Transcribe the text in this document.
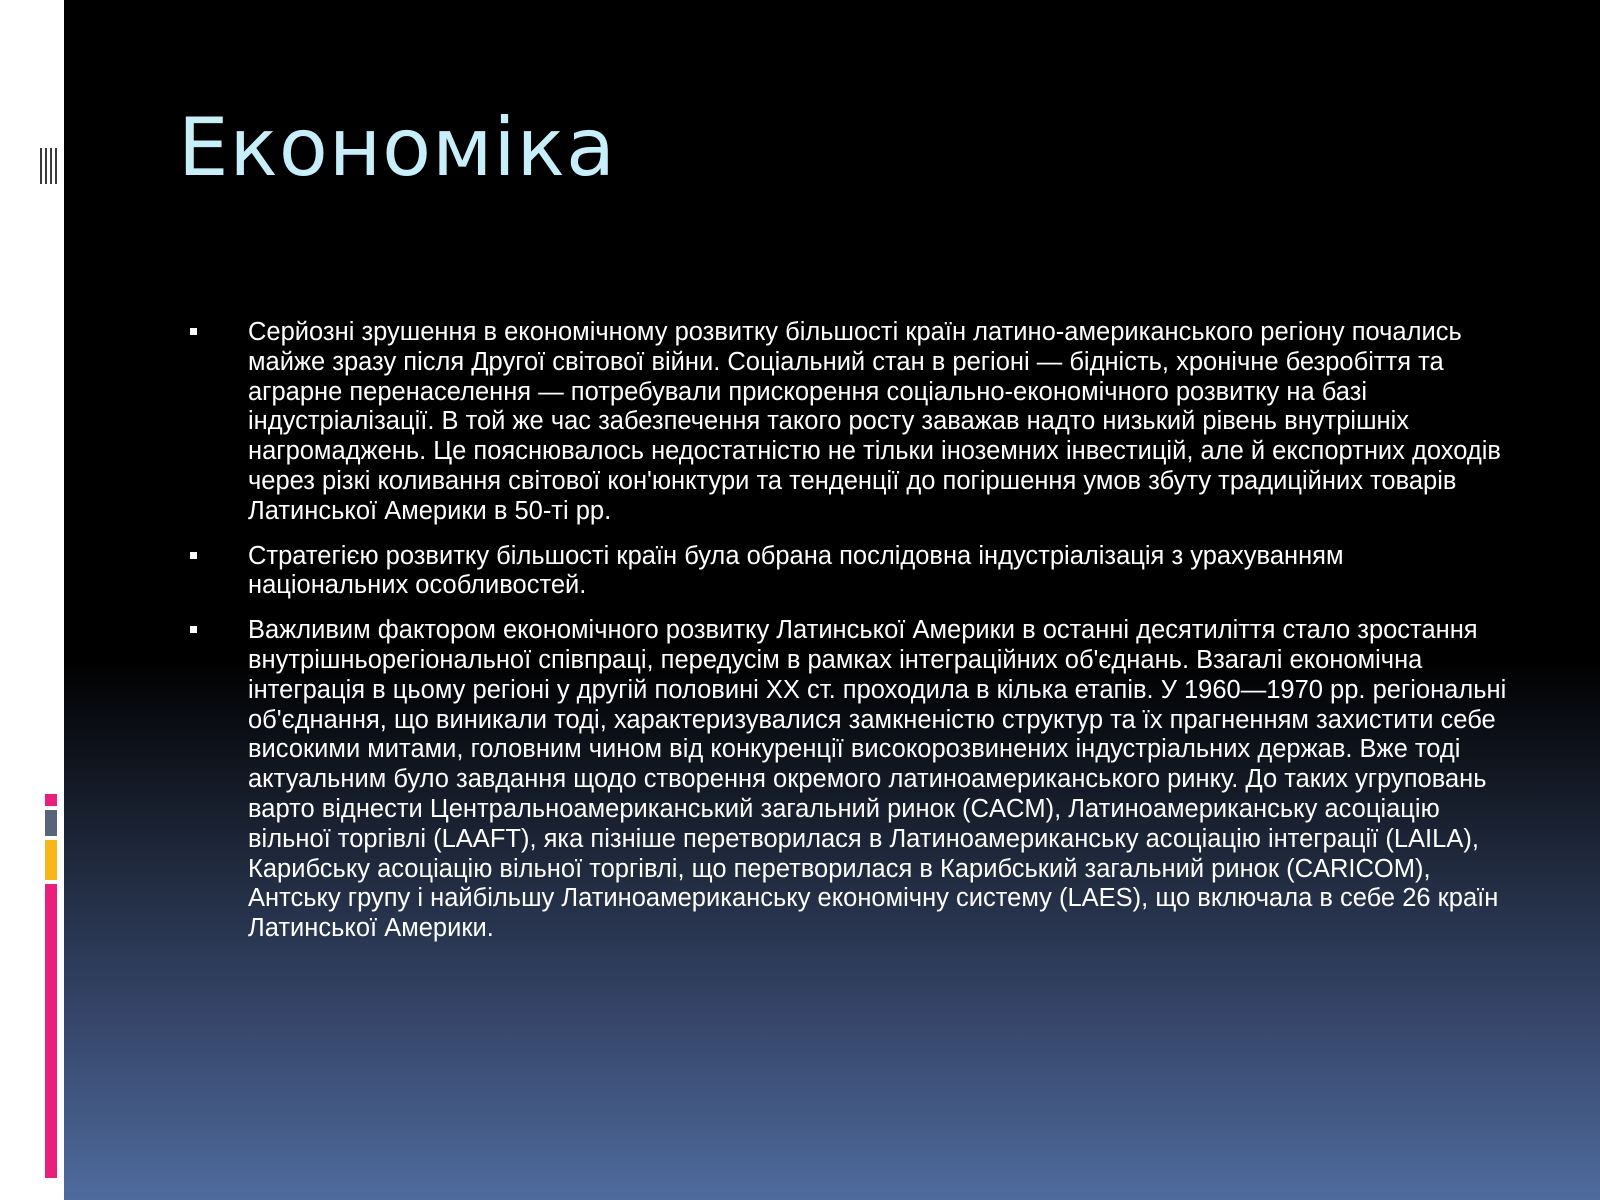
Економіка
Серйозні зрушення в економічному розвитку більшості країн латино-американського регіону почались майже зразу після Другої світової війни. Соціальний стан в регіоні — бідність, хронічне безробіття та аграрне перенаселення — потребували прискорення соціально-економічного розвитку на базі індустріалізації. В той же час забезпечення такого росту заважав надто низький рівень внутрішніх нагромаджень. Це пояснювалось недостатністю не тільки іноземних інвестицій, але й експортних доходів через різкі коливання світової кон'юнктури та тенденції до погіршення умов збуту традиційних товарів Латинської Америки в 50-ті рр.
Стратегією розвитку більшості країн була обрана послідовна індустріалізація з урахуванням національних особливостей.
Важливим фактором економічного розвитку Латинської Америки в останні десятиліття стало зростання внутрішньорегіональної співпраці, передусім в рамках інтеграційних об'єднань. Взагалі економічна інтеграція в цьому регіоні у другій половині XX ст. проходила в кілька етапів. У 1960—1970 рр. регіональні об'єднання, що виникали тоді, характеризувалися замкненістю структур та їх прагненням захистити себе високими митами, головним чином від конкуренції високорозвинених індустріальних держав. Вже тоді актуальним було завдання щодо створення окремого латиноамериканського ринку. До таких угруповань варто віднести Центральноамериканський загальний ринок (CACM), Латиноамериканську асоціацію вільної торгівлі (LAAFT), яка пізніше перетворилася в Латиноамериканську асоціацію інтеграції (LAILA), Карибську асоціацію вільної торгівлі, що перетворилася в Карибський загальний ринок (CARICOM), Антську групу і найбільшу Латиноамериканську економічну систему (LAES), що включала в себе 26 країн Латинської Америки.
